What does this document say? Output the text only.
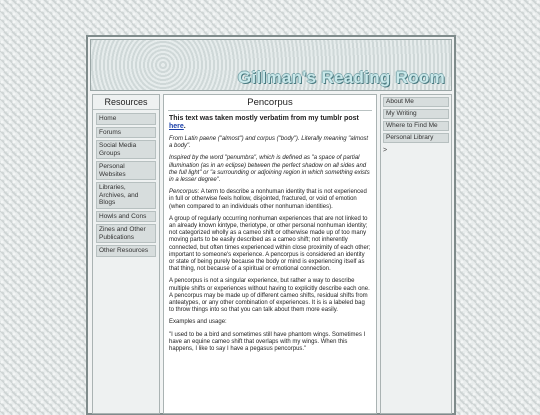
Gillman's Reading Room
Resources
Home
Forums
Social Media Groups
Personal Websites
Libraries, Archives, and Blogs
Howls and Cons
Zines and Other Publications
Other Resources
Pencorpus

This text was taken mostly verbatim from my tumblr post here.

From Latin paene ("almost") and corpus ("body"). Literally meaning "almost a body".

Inspired by the word "penumbra", which is defined as "a space of partial illumination (as in an eclipse) between the perfect shadow on all sides and the full light" or "a surrounding or adjoining region in which something exists in a lesser degree".

Pencorpus: A term to describe a nonhuman identity that is not experienced in full or otherwise feels hollow, disjointed, fractured, or void of emotion (when compared to an individuals other nonhuman identities).

A group of regularly occurring nonhuman experiences that are not linked to an already known kintype, theriotype, or other personal nonhuman identity; not categorized wholly as a cameo shift or otherwise made up of too many moving parts to be easily described as a cameo shift; not inherently connected, but often times experienced within close proximity of each other; important to someone's experience. A pencorpus is considered an identity or state of being purely because the body or mind is experiencing itself as that thing, not because of a spiritual or emotional connection.

A pencorpus is not a singular experience, but rather a way to describe multiple shifts or experiences without having to explicitly describe each one. A pencorpus may be made up of different cameo shifts, residual shifts from anteatypes, or any other combination of experiences. It is is a labeled bag to throw things into so that you can talk about them more easily.

Examples and usage:

"I used to be a bird and sometimes still have phantom wings. Sometimes I have an equine cameo shift that overlaps with my wings. When this happens, I like to say I have a pegasus pencorpus."

About Me
My Writing
Where to Find Me
Personal Library
>
